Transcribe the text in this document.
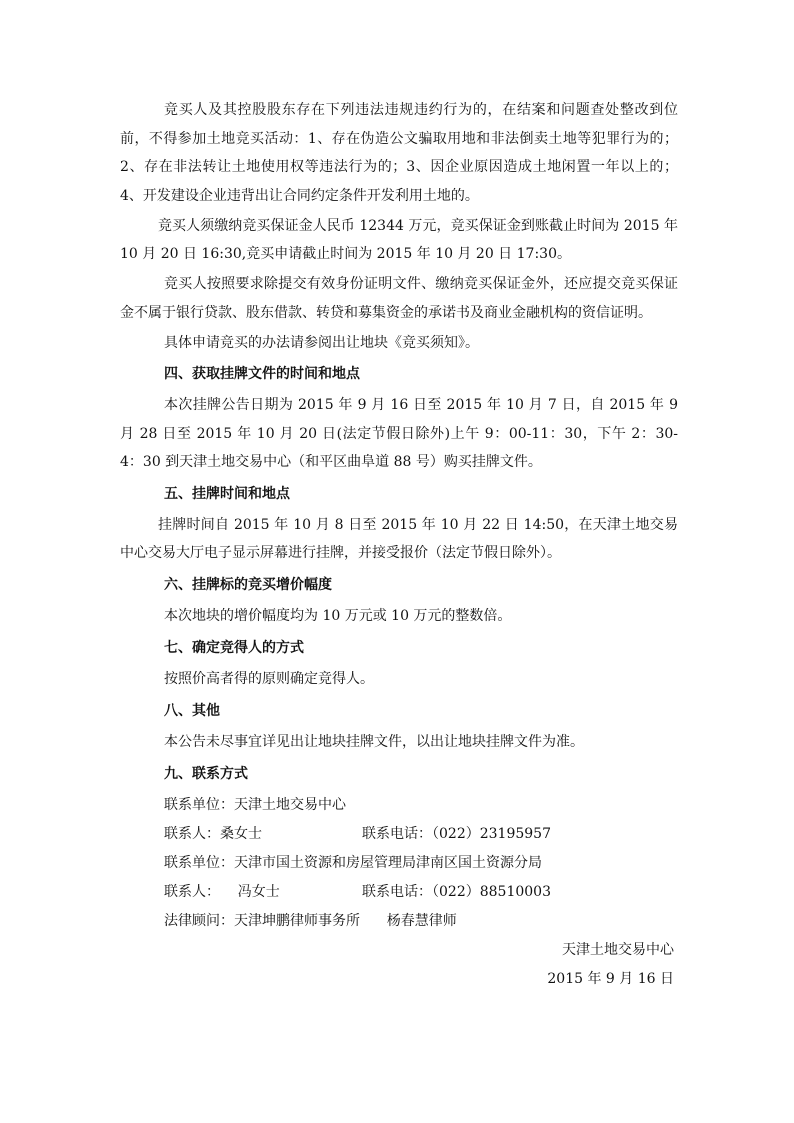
竞买人及其控股股东存在下列违法违规违约行为的，在结案和问题查处整改到位前，不得参加土地竞买活动：1、存在伪造公文骗取用地和非法倒卖土地等犯罪行为的；2、存在非法转让土地使用权等违法行为的；3、因企业原因造成土地闲置一年以上的；4、开发建设企业违背出让合同约定条件开发利用土地的。

竞买人须缴纳竞买保证金人民币 12344 万元，竞买保证金到账截止时间为 2015 年 10 月 20 日 16:30,竞买申请截止时间为 2015 年 10 月 20 日 17:30。

竞买人按照要求除提交有效身份证明文件、缴纳竞买保证金外，还应提交竞买保证金不属于银行贷款、股东借款、转贷和募集资金的承诺书及商业金融机构的资信证明。

具体申请竞买的办法请参阅出让地块《竞买须知》。

四、获取挂牌文件的时间和地点

本次挂牌公告日期为 2015 年 9 月 16 日至 2015 年 10 月 7 日，自 2015 年 9 月 28 日至 2015 年 10 月 20 日(法定节假日除外)上午 9：00-11：30，下午 2：30-4：30 到天津土地交易中心（和平区曲阜道 88 号）购买挂牌文件。

五、挂牌时间和地点

挂牌时间自 2015 年 10 月 8 日至 2015 年 10 月 22 日 14:50，在天津土地交易中心交易大厅电子显示屏幕进行挂牌，并接受报价（法定节假日除外）。

六、挂牌标的竞买增价幅度

本次地块的增价幅度均为 10 万元或 10 万元的整数倍。

七、确定竞得人的方式

按照价高者得的原则确定竞得人。

八、其他

本公告未尽事宜详见出让地块挂牌文件，以出让地块挂牌文件为准。

九、联系方式

联系单位：天津土地交易中心

联系人：桑女士	联系电话：（022）23195957

联系单位：天津市国土资源和房屋管理局津南区国土资源分局

联系人：    冯女士	联系电话：（022）88510003

法律顾问：天津坤鹏律师事务所      杨春慧律师

天津土地交易中心

2015 年 9 月 16 日
